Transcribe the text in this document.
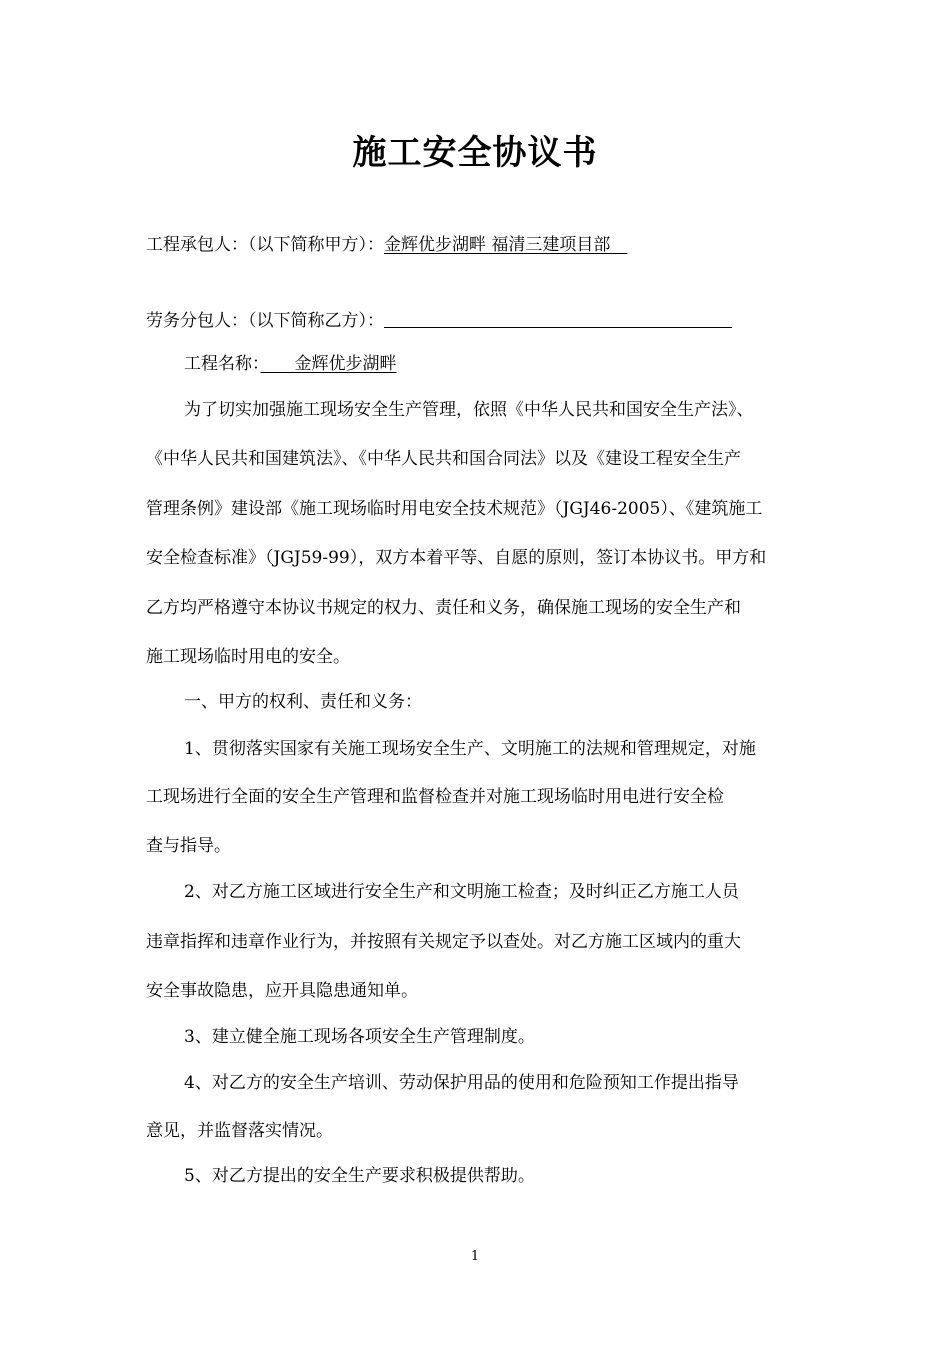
施工安全协议书
工程承包人：（以下简称甲方）：金辉优步湖畔 福清三建项目部　
劳务分包人：（以下简称乙方）：
工程名称：　　金辉优步湖畔
为了切实加强施工现场安全生产管理，依照《中华人民共和国安全生产法》、
《中华人民共和国建筑法》、《中华人民共和国合同法》以及《建设工程安全生产
管理条例》建设部《施工现场临时用电安全技术规范》（JGJ46-2005）、《建筑施工
安全检查标准》（JGJ59-99），双方本着平等、自愿的原则，签订本协议书。甲方和
乙方均严格遵守本协议书规定的权力、责任和义务，确保施工现场的安全生产和
施工现场临时用电的安全。
一、甲方的权利、责任和义务：
1、贯彻落实国家有关施工现场安全生产、文明施工的法规和管理规定，对施
工现场进行全面的安全生产管理和监督检查并对施工现场临时用电进行安全检
查与指导。
2、对乙方施工区域进行安全生产和文明施工检查；及时纠正乙方施工人员
违章指挥和违章作业行为，并按照有关规定予以查处。对乙方施工区域内的重大
安全事故隐患，应开具隐患通知单。
3、建立健全施工现场各项安全生产管理制度。
4、对乙方的安全生产培训、劳动保护用品的使用和危险预知工作提出指导
意见，并监督落实情况。
5、对乙方提出的安全生产要求积极提供帮助。
1
